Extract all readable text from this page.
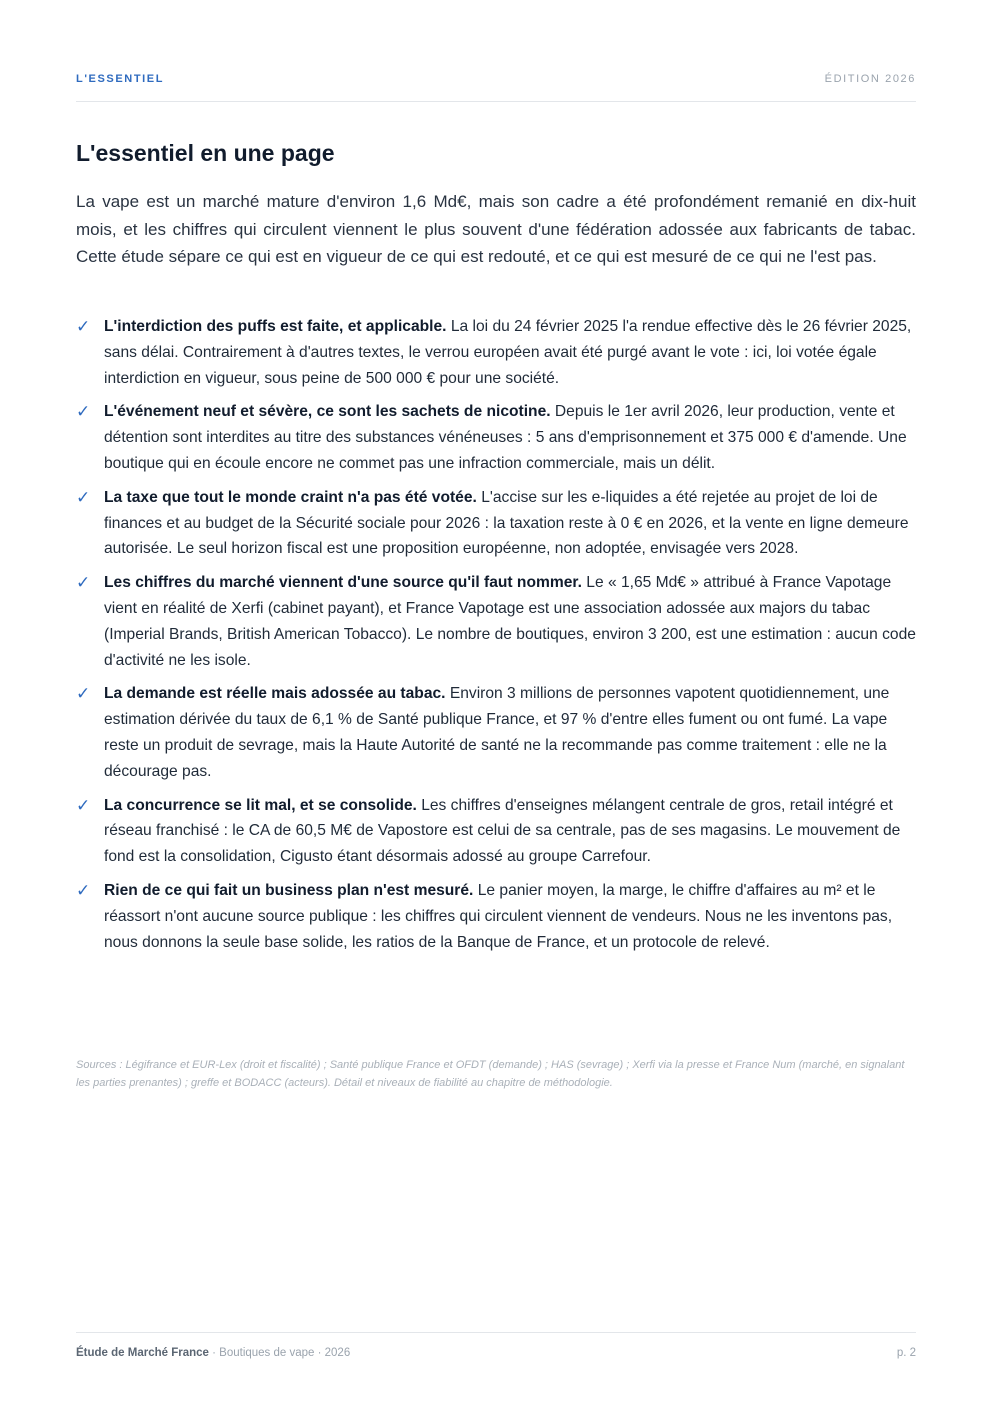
L'ESSENTIEL	ÉDITION 2026
L'essentiel en une page

La vape est un marché mature d'environ 1,6 Md€, mais son cadre a été profondément remanié en dix-huit mois, et les chiffres qui circulent viennent le plus souvent d'une fédération adossée aux fabricants de tabac. Cette étude sépare ce qui est en vigueur de ce qui est redouté, et ce qui est mesuré de ce qui ne l'est pas.

✓ L'interdiction des puffs est faite, et applicable. La loi du 24 février 2025 l'a rendue effective dès le 26 février 2025, sans délai. Contrairement à d'autres textes, le verrou européen avait été purgé avant le vote : ici, loi votée égale interdiction en vigueur, sous peine de 500 000 € pour une société.
✓ L'événement neuf et sévère, ce sont les sachets de nicotine. Depuis le 1er avril 2026, leur production, vente et détention sont interdites au titre des substances vénéneuses : 5 ans d'emprisonnement et 375 000 € d'amende. Une boutique qui en écoule encore ne commet pas une infraction commerciale, mais un délit.
✓ La taxe que tout le monde craint n'a pas été votée. L'accise sur les e-liquides a été rejetée au projet de loi de finances et au budget de la Sécurité sociale pour 2026 : la taxation reste à 0 € en 2026, et la vente en ligne demeure autorisée. Le seul horizon fiscal est une proposition européenne, non adoptée, envisagée vers 2028.
✓ Les chiffres du marché viennent d'une source qu'il faut nommer. Le « 1,65 Md€ » attribué à France Vapotage vient en réalité de Xerfi (cabinet payant), et France Vapotage est une association adossée aux majors du tabac (Imperial Brands, British American Tobacco). Le nombre de boutiques, environ 3 200, est une estimation : aucun code d'activité ne les isole.
✓ La demande est réelle mais adossée au tabac. Environ 3 millions de personnes vapotent quotidiennement, une estimation dérivée du taux de 6,1 % de Santé publique France, et 97 % d'entre elles fument ou ont fumé. La vape reste un produit de sevrage, mais la Haute Autorité de santé ne la recommande pas comme traitement : elle ne la décourage pas.
✓ La concurrence se lit mal, et se consolide. Les chiffres d'enseignes mélangent centrale de gros, retail intégré et réseau franchisé : le CA de 60,5 M€ de Vapostore est celui de sa centrale, pas de ses magasins. Le mouvement de fond est la consolidation, Cigusto étant désormais adossé au groupe Carrefour.
✓ Rien de ce qui fait un business plan n'est mesuré. Le panier moyen, la marge, le chiffre d'affaires au m² et le réassort n'ont aucune source publique : les chiffres qui circulent viennent de vendeurs. Nous ne les inventons pas, nous donnons la seule base solide, les ratios de la Banque de France, et un protocole de relevé.

Sources : Légifrance et EUR-Lex (droit et fiscalité) ; Santé publique France et OFDT (demande) ; HAS (sevrage) ; Xerfi via la presse et France Num (marché, en signalant les parties prenantes) ; greffe et BODACC (acteurs). Détail et niveaux de fiabilité au chapitre de méthodologie.

Étude de Marché France · Boutiques de vape · 2026	p. 2
